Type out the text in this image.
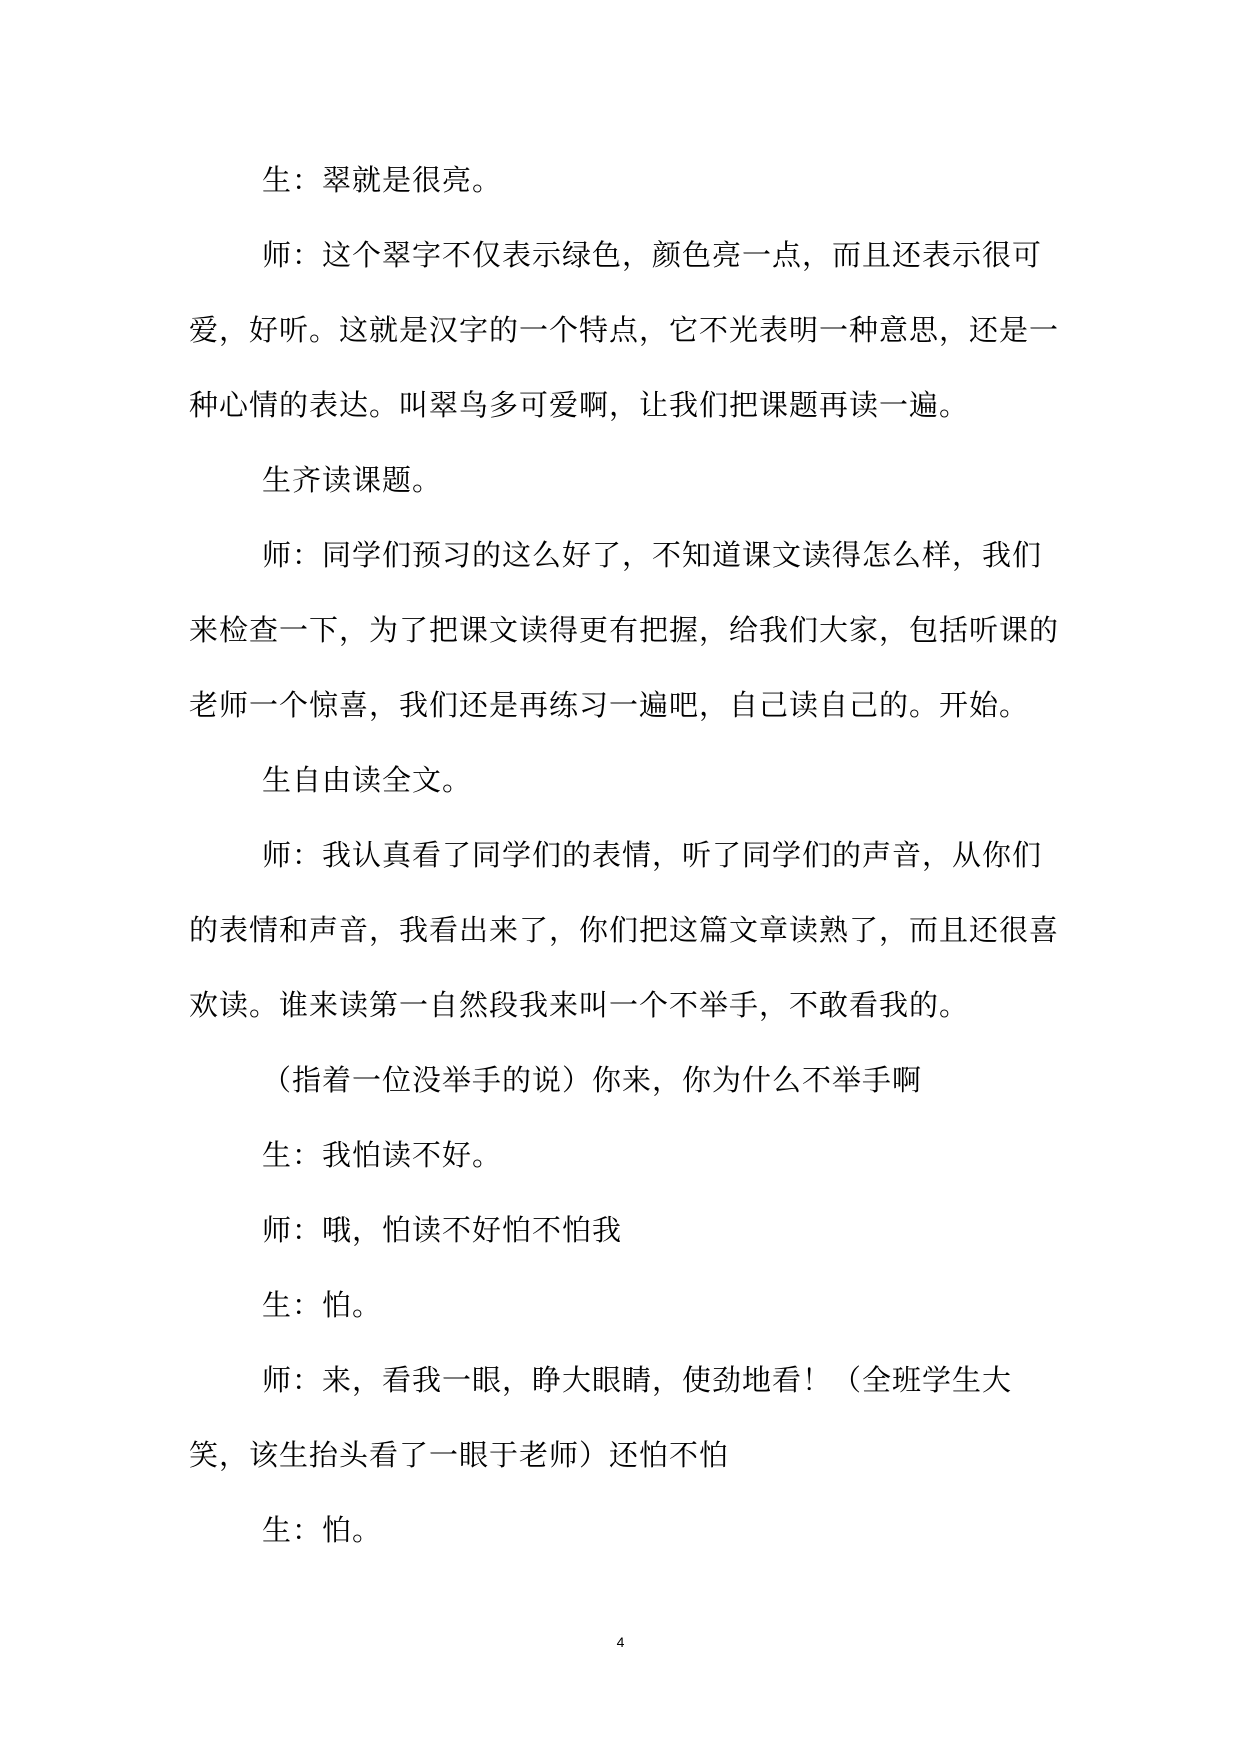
生：翠就是很亮。

师：这个翠字不仅表示绿色，颜色亮一点，而且还表示很可爱，好听。这就是汉字的一个特点，它不光表明一种意思，还是一种心情的表达。叫翠鸟多可爱啊，让我们把课题再读一遍。

生齐读课题。

师：同学们预习的这么好了，不知道课文读得怎么样，我们来检查一下，为了把课文读得更有把握，给我们大家，包括听课的老师一个惊喜，我们还是再练习一遍吧，自己读自己的。开始。

生自由读全文。

师：我认真看了同学们的表情，听了同学们的声音，从你们的表情和声音，我看出来了，你们把这篇文章读熟了，而且还很喜欢读。谁来读第一自然段我来叫一个不举手，不敢看我的。

（指着一位没举手的说）你来，你为什么不举手啊

生：我怕读不好。

师：哦，怕读不好怕不怕我

生：怕。

师：来，看我一眼，睁大眼睛，使劲地看！（全班学生大笑，该生抬头看了一眼于老师）还怕不怕

生：怕。

4
